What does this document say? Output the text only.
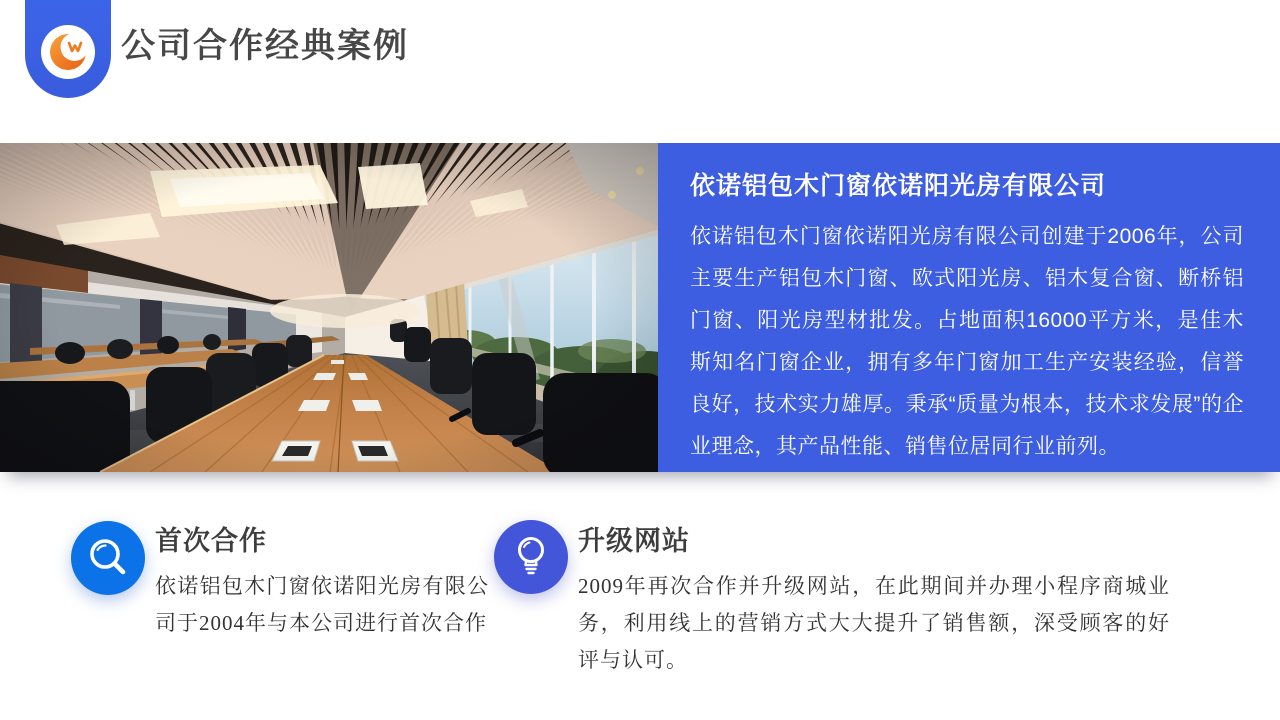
公司合作经典案例
依诺铝包木门窗依诺阳光房有限公司

依诺铝包木门窗依诺阳光房有限公司创建于2006年，公司主要生产铝包木门窗、欧式阳光房、铝木复合窗、断桥铝门窗、阳光房型材批发。占地面积16000平方米，是佳木斯知名门窗企业，拥有多年门窗加工生产安装经验，信誉良好，技术实力雄厚。秉承“质量为根本，技术求发展”的企业理念，其产品性能、销售位居同行业前列。

首次合作

依诺铝包木门窗依诺阳光房有限公司于2004年与本公司进行首次合作

升级网站

2009年再次合作并升级网站，在此期间并办理小程序商城业务，利用线上的营销方式大大提升了销售额，深受顾客的好评与认可。
